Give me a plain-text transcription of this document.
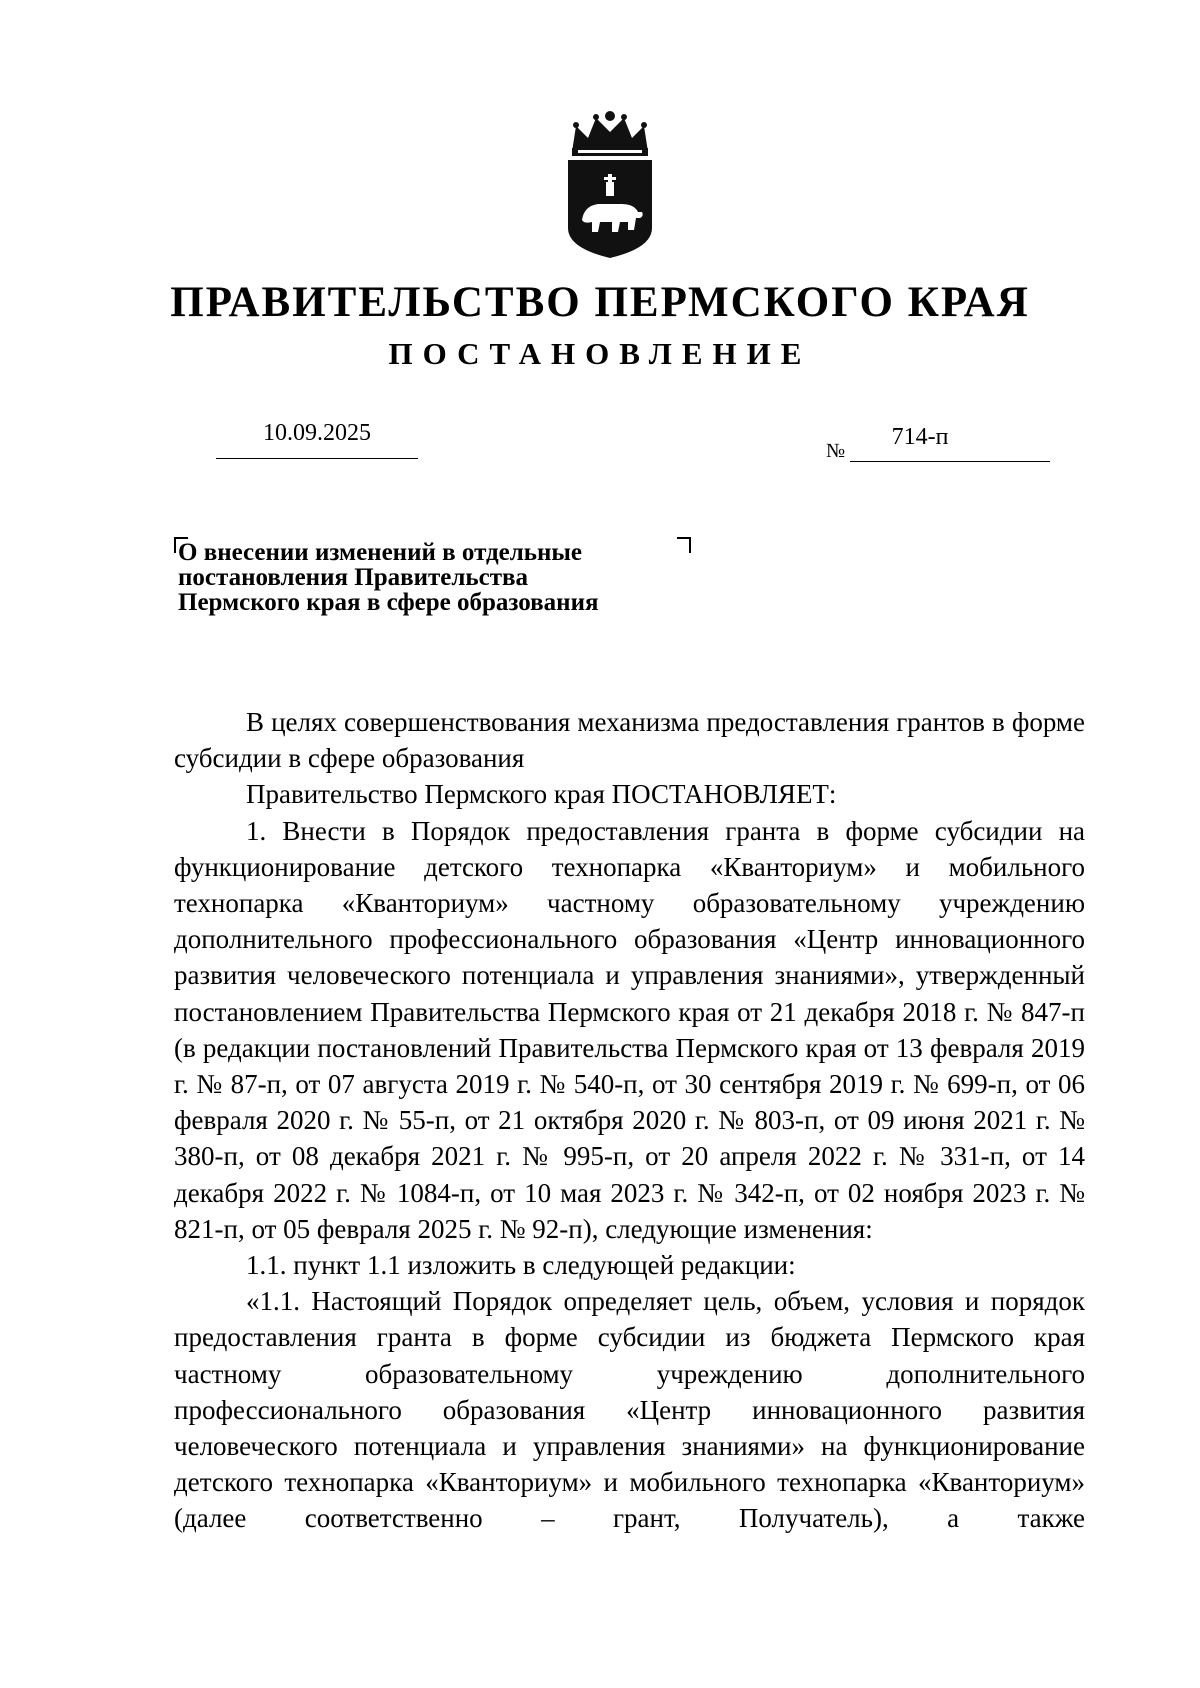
ПРАВИТЕЛЬСТВО ПЕРМСКОГО КРАЯ
ПОСТАНОВЛЕНИЕ
10.09.2025
№
714-п
О внесении изменений в отдельные
постановления Правительства
Пермского края в сфере образования

В целях совершенствования механизма предоставления грантов в форме субсидии в сфере образования

Правительство Пермского края ПОСТАНОВЛЯЕТ:

1. Внести в Порядок предоставления гранта в форме субсидии на функционирование детского технопарка «Кванториум» и мобильного технопарка «Кванториум» частному образовательному учреждению дополнительного профессионального образования «Центр инновационного развития человеческого потенциала и управления знаниями», утвержденный постановлением Правительства Пермского края от 21 декабря 2018 г. № 847-п (в редакции постановлений Правительства Пермского края от 13 февраля 2019 г. № 87-п, от 07 августа 2019 г. № 540-п, от 30 сентября 2019 г. № 699-п, от 06 февраля 2020 г. № 55-п, от 21 октября 2020 г. № 803-п, от 09 июня 2021 г. № 380-п, от 08 декабря 2021 г. № 995-п, от 20 апреля 2022 г. № 331-п, от 14 декабря 2022 г. № 1084-п, от 10 мая 2023 г. № 342-п, от 02 ноября 2023 г. № 821-п, от 05 февраля 2025 г. № 92-п), следующие изменения:

1.1. пункт 1.1 изложить в следующей редакции:

«1.1. Настоящий Порядок определяет цель, объем, условия и порядок предоставления гранта в форме субсидии из бюджета Пермского края частному образовательному учреждению дополнительного профессионального образования «Центр инновационного развития человеческого потенциала и управления знаниями» на функционирование детского технопарка «Кванториум» и мобильного технопарка «Кванториум» (далее соответственно – грант, Получатель), а также
